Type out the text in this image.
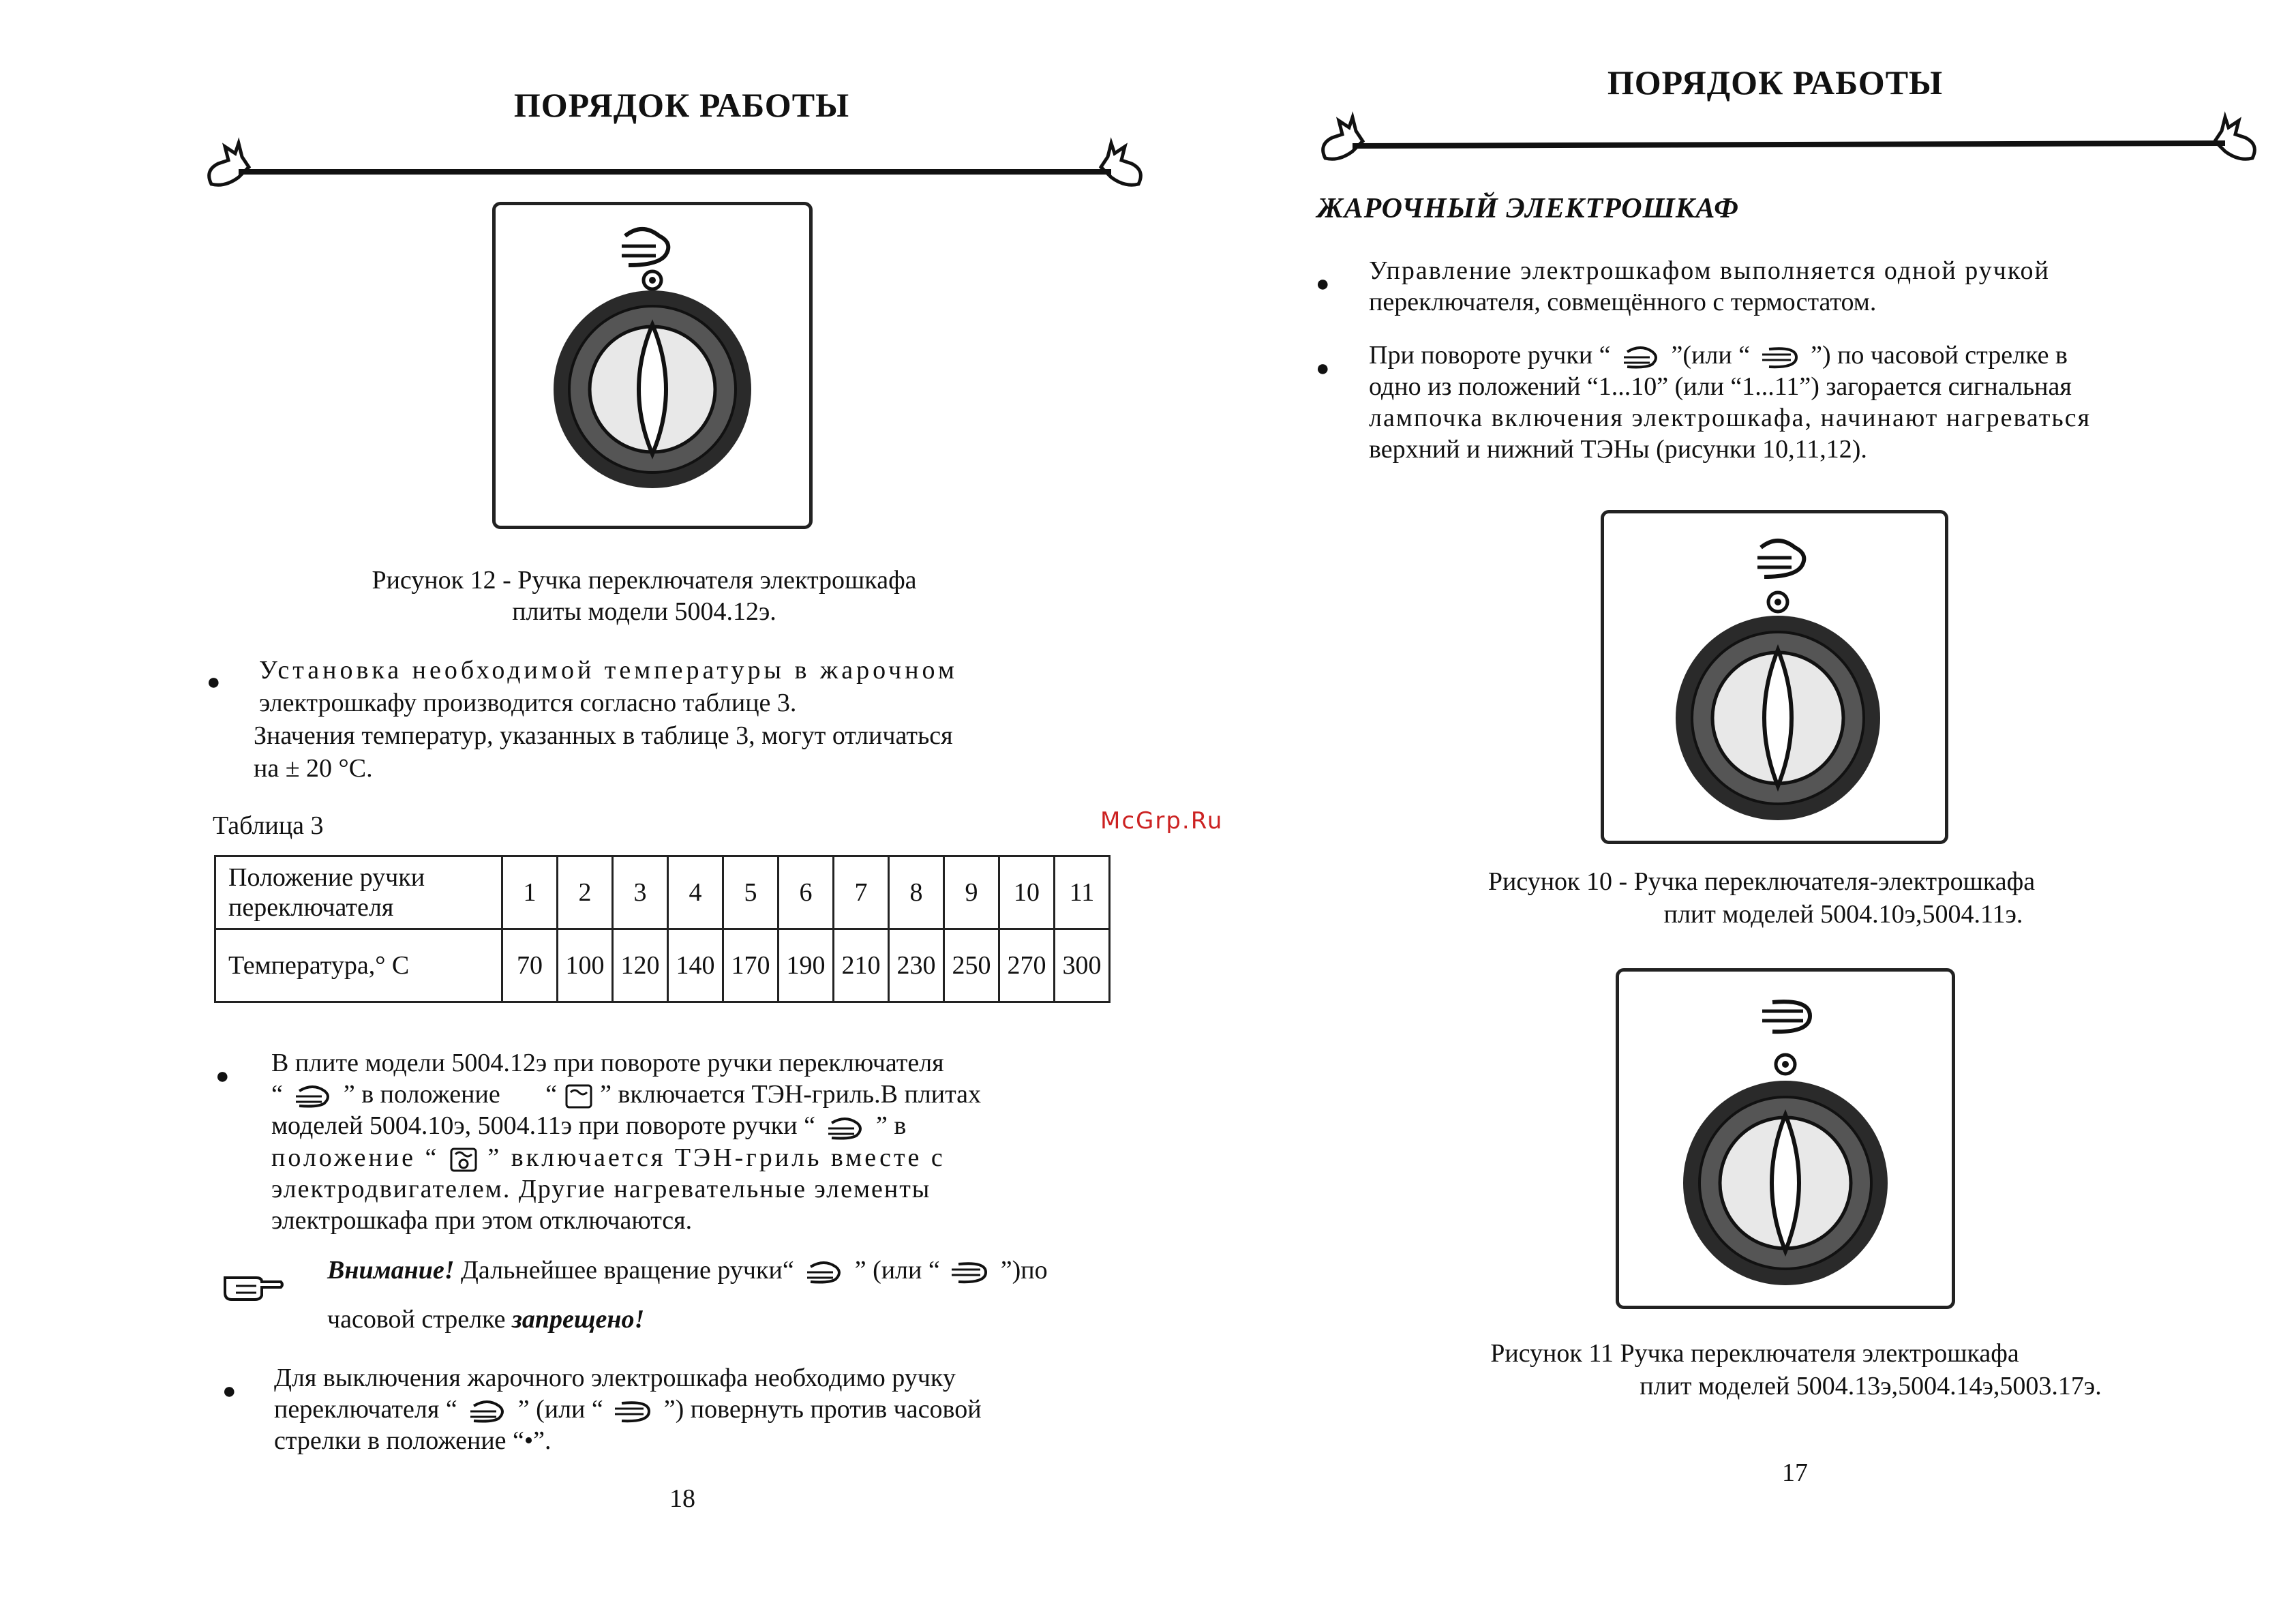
ПОРЯДОК РАБОТЫ
Рисунок 12 - Ручка переключателя электрошкафа
плиты модели 5004.12э.
● Установка необходимой температуры в жарочном
электрошкафу производится согласно таблице 3.
Значения температур, указанных в таблице 3, могут отличаться
на ± 20 °С.
Таблица 3
Положение ручки переключателя	1	2	3	4	5	6	7	8	9	10	11
Температура,° С	70	100	120	140	170	190	210	230	250	270	300
● В плите модели 5004.12э при повороте ручки переключателя
“ ” в положение “ ” включается ТЭН-гриль.В плитах
моделей 5004.10э, 5004.11э при повороте ручки “ ” в
положение “ ” включается ТЭН-гриль вместе с
электродвигателем. Другие нагревательные элементы
электрошкафа при этом отключаются.
Внимание! Дальнейшее вращение ручки“ ” (или “ ”)по
часовой стрелке запрещено!
● Для выключения жарочного электрошкафа необходимо ручку
переключателя “ ” (или “ ”) повернуть против часовой
стрелки в положение “•”.
18
McGrp.Ru
ПОРЯДОК РАБОТЫ
ЖАРОЧНЫЙ ЭЛЕКТРОШКАФ
● Управление электрошкафом выполняется одной ручкой
переключателя, совмещённого с термостатом.
● При повороте ручки “ ”(или “ ”) по часовой стрелке в
одно из положений “1...10” (или “1...11”) загорается сигнальная
лампочка включения электрошкафа, начинают нагреваться
верхний и нижний ТЭНы (рисунки 10,11,12).
Рисунок 10 - Ручка переключателя-электрошкафа
плит моделей 5004.10э,5004.11э.
Рисунок 11 Ручка переключателя электрошкафа
плит моделей 5004.13э,5004.14э,5003.17э.
17
